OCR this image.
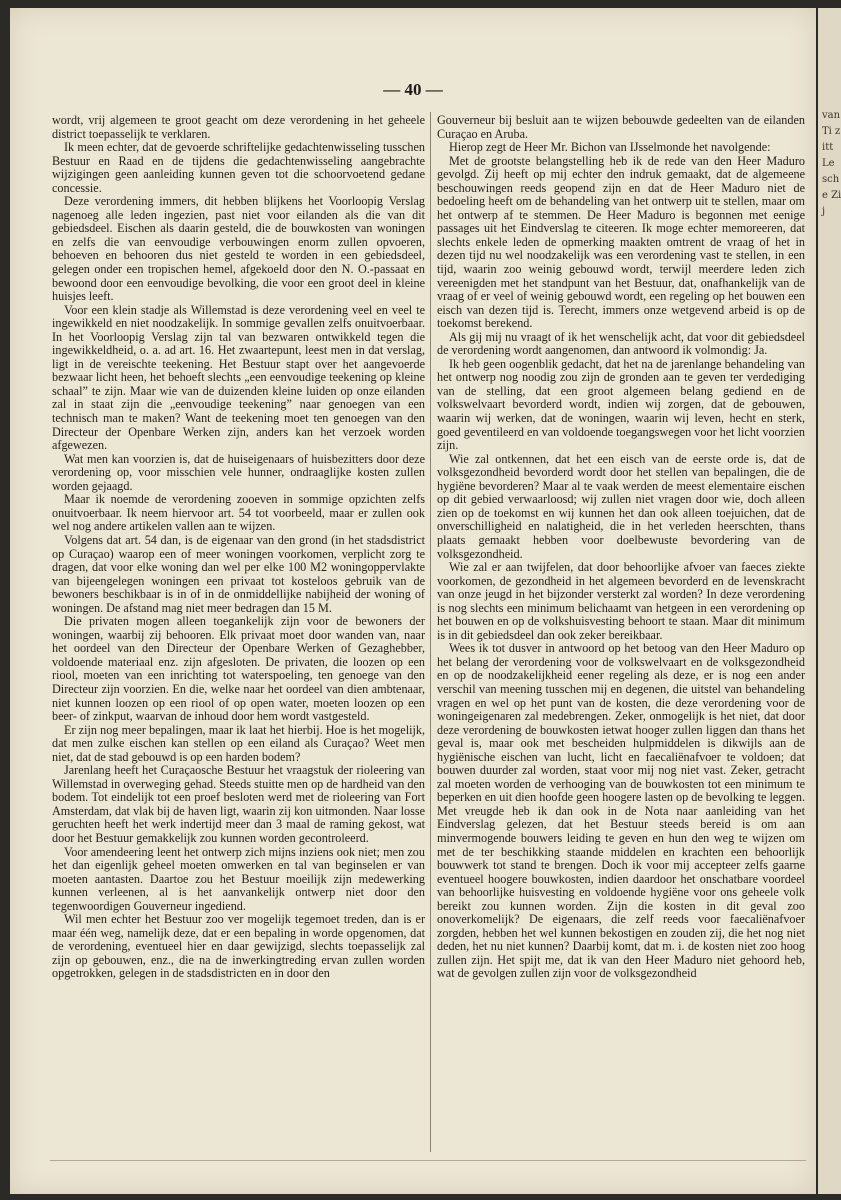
— 40 —

wordt, vrij algemeen te groot geacht om deze verordening in het geheele district toepasselijk te verklaren.

Ik meen echter, dat de gevoerde schriftelijke gedachtenwisseling tusschen Bestuur en Raad en de tijdens die gedachtenwisseling aangebrachte wijzigingen geen aanleiding kunnen geven tot die schoorvoetend gedane concessie.

Deze verordening immers, dit hebben blijkens het Voorloopig Verslag nagenoeg alle leden ingezien, past niet voor eilanden als die van dit gebiedsdeel. Eischen als daarin gesteld, die de bouwkosten van woningen en zelfs die van eenvoudige verbouwingen enorm zullen opvoeren, behoeven en behooren dus niet gesteld te worden in een gebiedsdeel, gelegen onder een tropischen hemel, afgekoeld door den N. O.-passaat en bewoond door een eenvoudige bevolking, die voor een groot deel in kleine huisjes leeft.

Voor een klein stadje als Willemstad is deze verordening veel en veel te ingewikkeld en niet noodzakelijk. In sommige gevallen zelfs onuitvoerbaar. In het Voorloopig Verslag zijn tal van bezwaren ontwikkeld tegen die ingewikkeldheid, o. a. ad art. 16. Het zwaartepunt, leest men in dat verslag, ligt in de vereischte teekening. Het Bestuur stapt over het aangevoerde bezwaar licht heen, het behoeft slechts „een eenvoudige teekening op kleine schaal” te zijn. Maar wie van de duizenden kleine luiden op onze eilanden zal in staat zijn die „eenvoudige teekening” naar genoegen van een technisch man te maken? Want de teekening moet ten genoegen van den Directeur der Openbare Werken zijn, anders kan het verzoek worden afgewezen.

Wat men kan voorzien is, dat de huiseigenaars of huisbezitters door deze verordening op, voor misschien vele hunner, ondraaglijke kosten zullen worden gejaagd.

Maar ik noemde de verordening zooeven in sommige opzichten zelfs onuitvoerbaar. Ik neem hiervoor art. 54 tot voorbeeld, maar er zullen ook wel nog andere artikelen vallen aan te wijzen.

Volgens dat art. 54 dan, is de eigenaar van den grond (in het stadsdistrict op Curaçao) waarop een of meer woningen voorkomen, verplicht zorg te dragen, dat voor elke woning dan wel per elke 100 M2 woningoppervlakte van bijeengelegen woningen een privaat tot kosteloos gebruik van de bewoners beschikbaar is in of in de onmiddellijke nabijheid der woning of woningen. De afstand mag niet meer bedragen dan 15 M.

Die privaten mogen alleen toegankelijk zijn voor de bewoners der woningen, waarbij zij behooren. Elk privaat moet door wanden van, naar het oordeel van den Directeur der Openbare Werken of Gezaghebber, voldoende materiaal enz. zijn afgesloten. De privaten, die loozen op een riool, moeten van een inrichting tot waterspoeling, ten genoege van den Directeur zijn voorzien. En die, welke naar het oordeel van dien ambtenaar, niet kunnen loozen op een riool of op open water, moeten loozen op een beer- of zinkput, waarvan de inhoud door hem wordt vastgesteld.

Er zijn nog meer bepalingen, maar ik laat het hierbij. Hoe is het mogelijk, dat men zulke eischen kan stellen op een eiland als Curaçao? Weet men niet, dat de stad gebouwd is op een harden bodem?

Jarenlang heeft het Curaçaosche Bestuur het vraagstuk der rioleering van Willemstad in overweging gehad. Steeds stuitte men op de hardheid van den bodem. Tot eindelijk tot een proef besloten werd met de rioleering van Fort Amsterdam, dat vlak bij de haven ligt, waarin zij kon uitmonden. Naar losse geruchten heeft het werk indertijd meer dan 3 maal de raming gekost, wat door het Bestuur gemakkelijk zou kunnen worden gecontroleerd.

Voor amendeering leent het ontwerp zich mijns inziens ook niet; men zou het dan eigenlijk geheel moeten omwerken en tal van beginselen er van moeten aantasten. Daartoe zou het Bestuur moeilijk zijn medewerking kunnen verleenen, al is het aanvankelijk ontwerp niet door den tegenwoordigen Gouverneur ingediend.

Wil men echter het Bestuur zoo ver mogelijk tegemoet treden, dan is er maar één weg, namelijk deze, dat er een bepaling in worde opgenomen, dat de verordening, eventueel hier en daar gewijzigd, slechts toepasselijk zal zijn op gebouwen, enz., die na de inwerkingtreding ervan zullen worden opgetrokken, gelegen in de stadsdistricten en in door den

Gouverneur bij besluit aan te wijzen bebouwde gedeelten van de eilanden Curaçao en Aruba.

Hierop zegt de Heer Mr. Bichon van IJsselmonde het navolgende:

Met de grootste belangstelling heb ik de rede van den Heer Maduro gevolgd. Zij heeft op mij echter den indruk gemaakt, dat de algemeene beschouwingen reeds geopend zijn en dat de Heer Maduro niet de bedoeling heeft om de behandeling van het ontwerp uit te stellen, maar om het ontwerp af te stemmen. De Heer Maduro is begonnen met eenige passages uit het Eindverslag te citeeren. Ik moge echter memoreeren, dat slechts enkele leden de opmerking maakten omtrent de vraag of het in dezen tijd nu wel noodzakelijk was een verordening vast te stellen, in een tijd, waarin zoo weinig gebouwd wordt, terwijl meerdere leden zich vereenigden met het standpunt van het Bestuur, dat, onafhankelijk van de vraag of er veel of weinig gebouwd wordt, een regeling op het bouwen een eisch van dezen tijd is. Terecht, immers onze wetgevend arbeid is op de toekomst berekend.

Als gij mij nu vraagt of ik het wenschelijk acht, dat voor dit gebiedsdeel de verordening wordt aangenomen, dan antwoord ik volmondig: Ja.

Ik heb geen oogenblik gedacht, dat het na de jarenlange behandeling van het ontwerp nog noodig zou zijn de gronden aan te geven ter verdediging van de stelling, dat een groot algemeen belang gediend en de volkswelvaart bevorderd wordt, indien wij zorgen, dat de gebouwen, waarin wij werken, dat de woningen, waarin wij leven, hecht en sterk, goed geventileerd en van voldoende toegangswegen voor het licht voorzien zijn.

Wie zal ontkennen, dat het een eisch van de eerste orde is, dat de volksgezondheid bevorderd wordt door het stellen van bepalingen, die de hygiëne bevorderen? Maar al te vaak werden de meest elementaire eischen op dit gebied verwaarloosd; wij zullen niet vragen door wie, doch alleen zien op de toekomst en wij kunnen het dan ook alleen toejuichen, dat de onverschilligheid en nalatigheid, die in het verleden heerschten, thans plaats gemaakt hebben voor doelbewuste bevordering van de volksgezondheid.

Wie zal er aan twijfelen, dat door behoorlijke afvoer van faeces ziekte voorkomen, de gezondheid in het algemeen bevorderd en de levenskracht van onze jeugd in het bijzonder versterkt zal worden? In deze verordening is nog slechts een minimum belichaamt van hetgeen in een verordening op het bouwen en op de volkshuisvesting behoort te staan. Maar dit minimum is in dit gebiedsdeel dan ook zeker bereikbaar.

Wees ik tot dusver in antwoord op het betoog van den Heer Maduro op het belang der verordening voor de volkswelvaart en de volksgezondheid en op de noodzakelijkheid eener regeling als deze, er is nog een ander verschil van meening tusschen mij en degenen, die uitstel van behandeling vragen en wel op het punt van de kosten, die deze verordening voor de woningeigenaren zal medebrengen. Zeker, onmogelijk is het niet, dat door deze verordening de bouwkosten ietwat hooger zullen liggen dan thans het geval is, maar ook met bescheiden hulpmiddelen is dikwijls aan de hygiënische eischen van lucht, licht en faecaliënafvoer te voldoen; dat bouwen duurder zal worden, staat voor mij nog niet vast. Zeker, getracht zal moeten worden de verhooging van de bouwkosten tot een minimum te beperken en uit dien hoofde geen hoogere lasten op de bevolking te leggen. Met vreugde heb ik dan ook in de Nota naar aanleiding van het Eindverslag gelezen, dat het Bestuur steeds bereid is om aan minvermogende bouwers leiding te geven en hun den weg te wijzen om met de ter beschikking staande middelen en krachten een behoorlijk bouwwerk tot stand te brengen. Doch ik voor mij accepteer zelfs gaarne eventueel hoogere bouwkosten, indien daardoor het onschatbare voordeel van behoorlijke huisvesting en voldoende hygiëne voor ons geheele volk bereikt zou kunnen worden. Zijn die kosten in dit geval zoo onoverkomelijk? De eigenaars, die zelf reeds voor faecaliënafvoer zorgden, hebben het wel kunnen bekostigen en zouden zij, die het nog niet deden, het nu niet kunnen? Daarbij komt, dat m. i. de kosten niet zoo hoog zullen zijn. Het spijt me, dat ik van den Heer Maduro niet gehoord heb, wat de gevolgen zullen zijn voor de volksgezondheid

van Ti zitt Le sche Zij
